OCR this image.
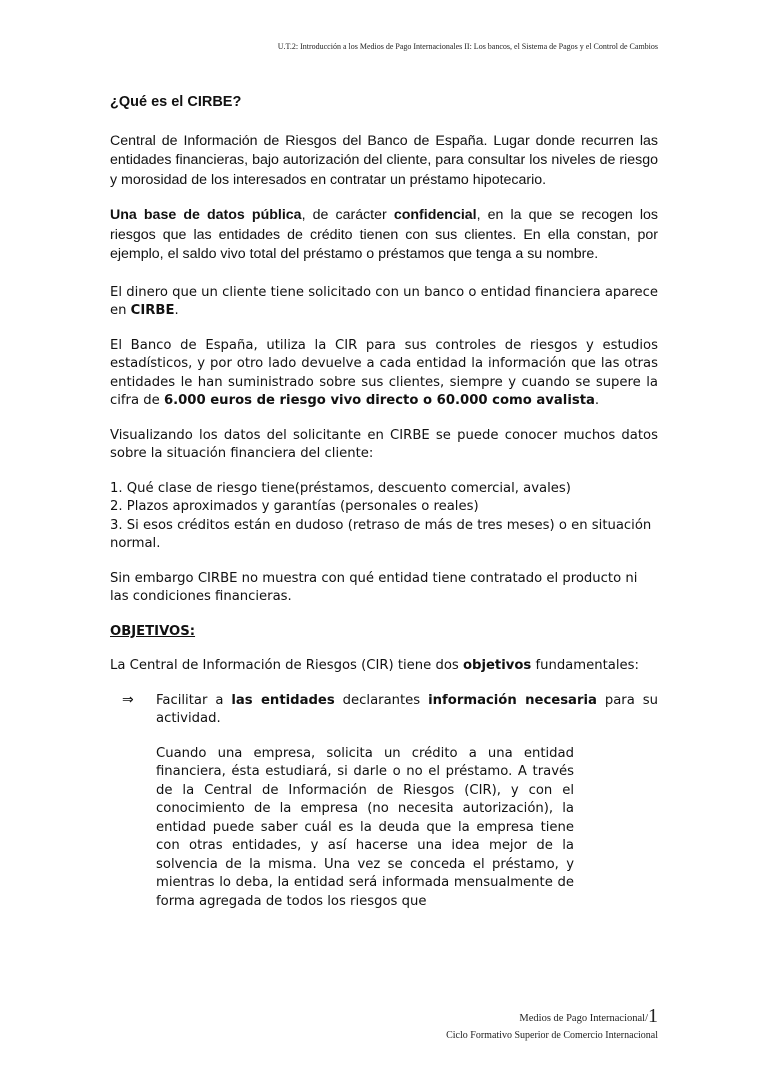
U.T.2: Introducción a los Medios de Pago Internacionales II: Los bancos, el Sistema de Pagos y el Control de Cambios

¿Qué es el CIRBE?

Central de Información de Riesgos del Banco de España. Lugar donde recurren las entidades financieras, bajo autorización del cliente, para consultar los niveles de riesgo y morosidad de los interesados en contratar un préstamo hipotecario.

Una base de datos pública, de carácter confidencial, en la que se recogen los riesgos que las entidades de crédito tienen con sus clientes. En ella constan, por ejemplo, el saldo vivo total del préstamo o préstamos que tenga a su nombre.

El dinero que un cliente tiene solicitado con un banco o entidad financiera aparece en CIRBE.

El Banco de España, utiliza la CIR para sus controles de riesgos y estudios estadísticos, y por otro lado devuelve a cada entidad la información que las otras entidades le han suministrado sobre sus clientes, siempre y cuando se supere la cifra de 6.000 euros de riesgo vivo directo o 60.000 como avalista.

Visualizando los datos del solicitante en CIRBE se puede conocer muchos datos sobre la situación financiera del cliente:

1. Qué clase de riesgo tiene(préstamos, descuento comercial, avales)

2. Plazos aproximados y garantías (personales o reales)

3. Si esos créditos están en dudoso (retraso de más de tres meses) o en situación normal.

Sin embargo CIRBE no muestra con qué entidad tiene contratado el producto ni las condiciones financieras.

OBJETIVOS:

La Central de Información de Riesgos (CIR) tiene dos objetivos fundamentales:

⇒ Facilitar a las entidades declarantes información necesaria para su actividad.

Cuando una empresa, solicita un crédito a una entidad financiera, ésta estudiará, si darle o no el préstamo. A través de la Central de Información de Riesgos (CIR), y con el conocimiento de la empresa (no necesita autorización), la entidad puede saber cuál es la deuda que la empresa tiene con otras entidades, y así hacerse una idea mejor de la solvencia de la misma. Una vez se conceda el préstamo, y mientras lo deba, la entidad será informada mensualmente de forma agregada de todos los riesgos que

Medios de Pago Internacional/1
Ciclo Formativo Superior de Comercio Internacional
